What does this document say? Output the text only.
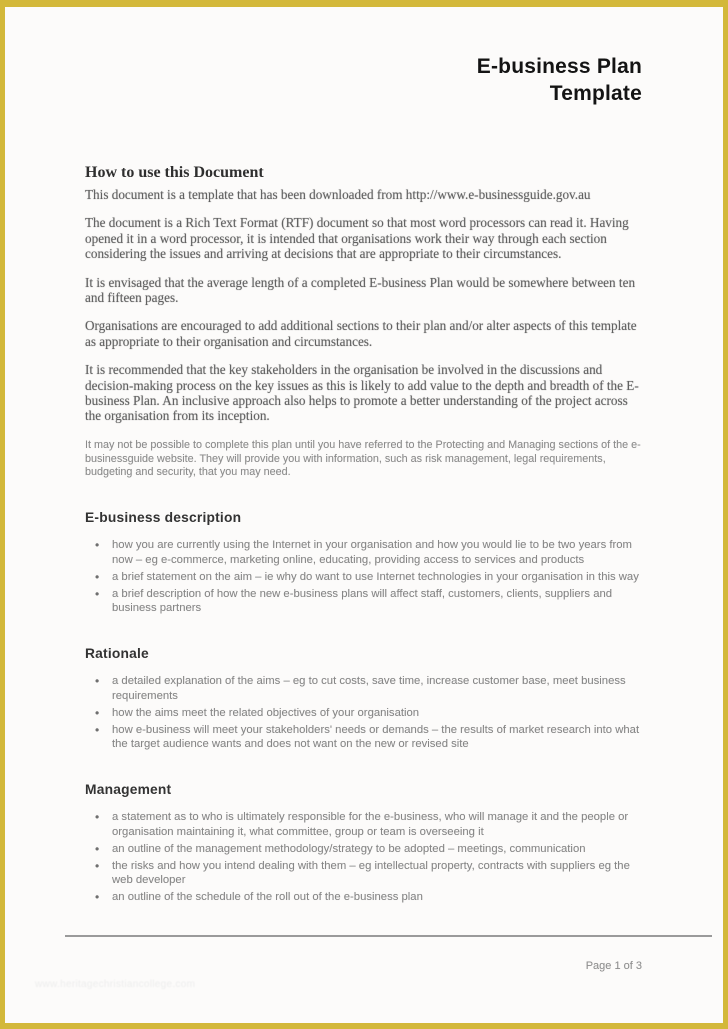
E-business Plan
Template
How to use this Document

This document is a template that has been downloaded from http://www.e-businessguide.gov.au

The document is a Rich Text Format (RTF) document so that most word processors can read it. Having opened it in a word processor, it is intended that organisations work their way through each section considering the issues and arriving at decisions that are appropriate to their circumstances.

It is envisaged that the average length of a completed E-business Plan would be somewhere between ten and fifteen pages.

Organisations are encouraged to add additional sections to their plan and/or alter aspects of this template as appropriate to their organisation and circumstances.

It is recommended that the key stakeholders in the organisation be involved in the discussions and decision-making process on the key issues as this is likely to add value to the depth and breadth of the E-business Plan. An inclusive approach also helps to promote a better understanding of the project across the organisation from its inception.

It may not be possible to complete this plan until you have referred to the Protecting and Managing sections of the e-businessguide website. They will provide you with information, such as risk management, legal requirements, budgeting and security, that you may need.

E-business description
• how you are currently using the Internet in your organisation and how you would lie to be two years from now – eg e-commerce, marketing online, educating, providing access to services and products
• a brief statement on the aim – ie why do want to use Internet technologies in your organisation in this way
• a brief description of how the new e-business plans will affect staff, customers, clients, suppliers and business partners
Rationale
• a detailed explanation of the aims – eg to cut costs, save time, increase customer base, meet business requirements
• how the aims meet the related objectives of your organisation
• how e-business will meet your stakeholders' needs or demands – the results of market research into what the target audience wants and does not want on the new or revised site
Management
• a statement as to who is ultimately responsible for the e-business, who will manage it and the people or organisation maintaining it, what committee, group or team is overseeing it
• an outline of the management methodology/strategy to be adopted – meetings, communication
• the risks and how you intend dealing with them – eg intellectual property, contracts with suppliers eg the web developer
• an outline of the schedule of the roll out of the e-business plan
Page 1 of 3
www.heritagechristiancollege.com
